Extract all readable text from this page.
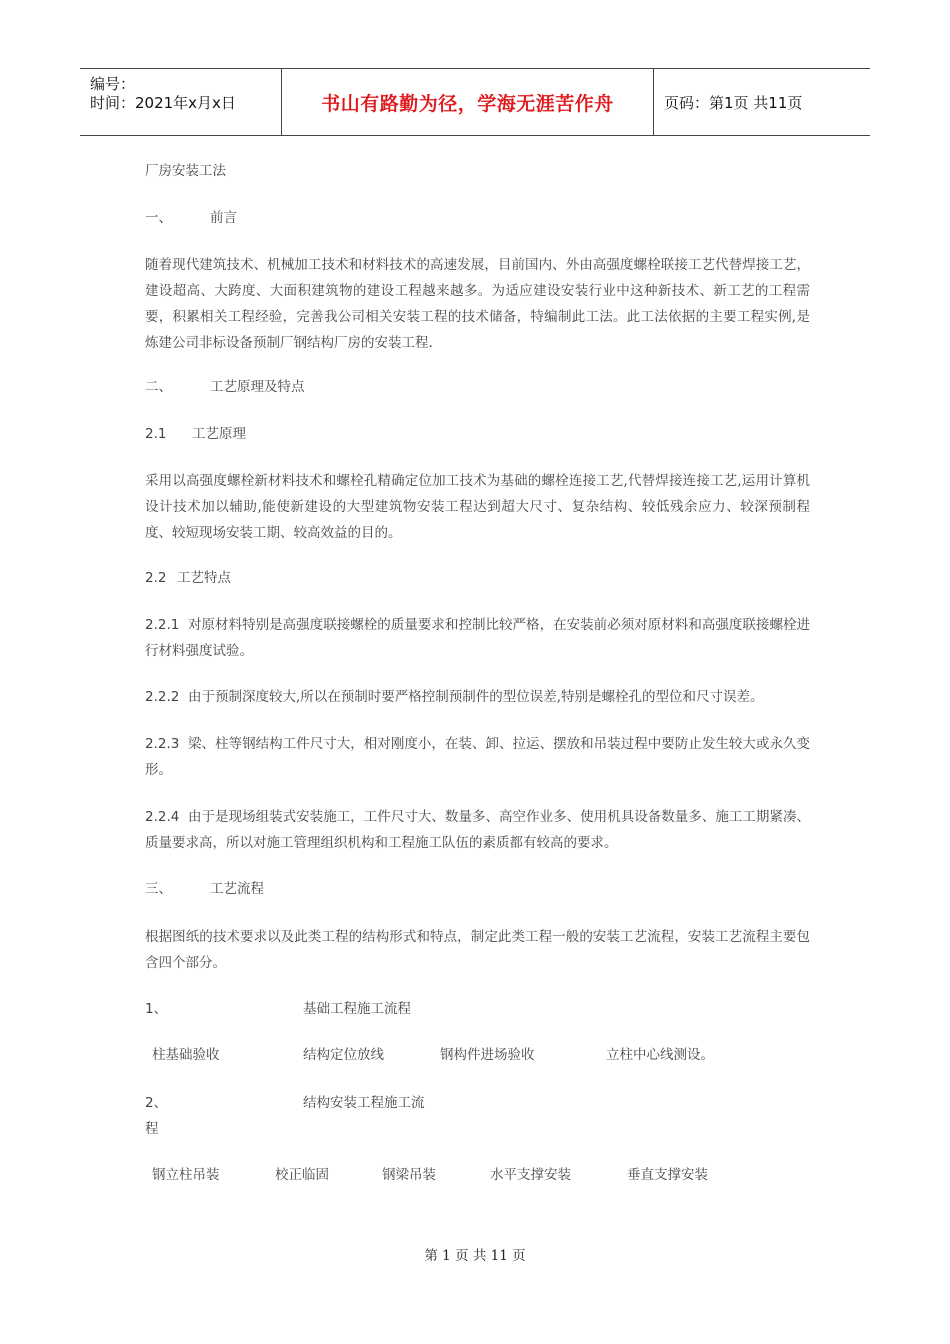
编号：
时间：2021年x月x日	书山有路勤为径，学海无涯苦作舟	页码：第1页 共11页
厂房安装工法
一、	前言
随着现代建筑技术、机械加工技术和材料技术的高速发展，目前国内、外由高强度螺栓联接工艺代替焊接工艺，建设超高、大跨度、大面积建筑物的建设工程越来越多。为适应建设安装行业中这种新技术、新工艺的工程需要，积累相关工程经验，完善我公司相关安装工程的技术储备，特编制此工法。此工法依据的主要工程实例,是炼建公司非标设备预制厂钢结构厂房的安装工程.
二、	工艺原理及特点
2.1 工艺原理
采用以高强度螺栓新材料技术和螺栓孔精确定位加工技术为基础的螺栓连接工艺,代替焊接连接工艺,运用计算机设计技术加以辅助,能使新建设的大型建筑物安装工程达到超大尺寸、复杂结构、较低残余应力、较深预制程度、较短现场安装工期、较高效益的目的。
2.2 工艺特点
2.2.1 对原材料特别是高强度联接螺栓的质量要求和控制比较严格，在安装前必须对原材料和高强度联接螺栓进行材料强度试验。
2.2.2 由于预制深度较大,所以在预制时要严格控制预制件的型位误差,特别是螺栓孔的型位和尺寸误差。
2.2.3 梁、柱等钢结构工件尺寸大，相对刚度小，在装、卸、拉运、摆放和吊装过程中要防止发生较大或永久变形。
2.2.4 由于是现场组装式安装施工，工件尺寸大、数量多、高空作业多、使用机具设备数量多、施工工期紧凑、质量要求高，所以对施工管理组织机构和工程施工队伍的素质都有较高的要求。
三、	工艺流程
根据图纸的技术要求以及此类工程的结构形式和特点，制定此类工程一般的安装工艺流程，安装工艺流程主要包含四个部分。
1、	基础工程施工流程
柱基础验收	结构定位放线	钢构件进场验收	立柱中心线测设。
2、	结构安装工程施工流
程
钢立柱吊装	校正临固	钢梁吊装	水平支撑安装	垂直支撑安装
第 1 页 共 11 页
